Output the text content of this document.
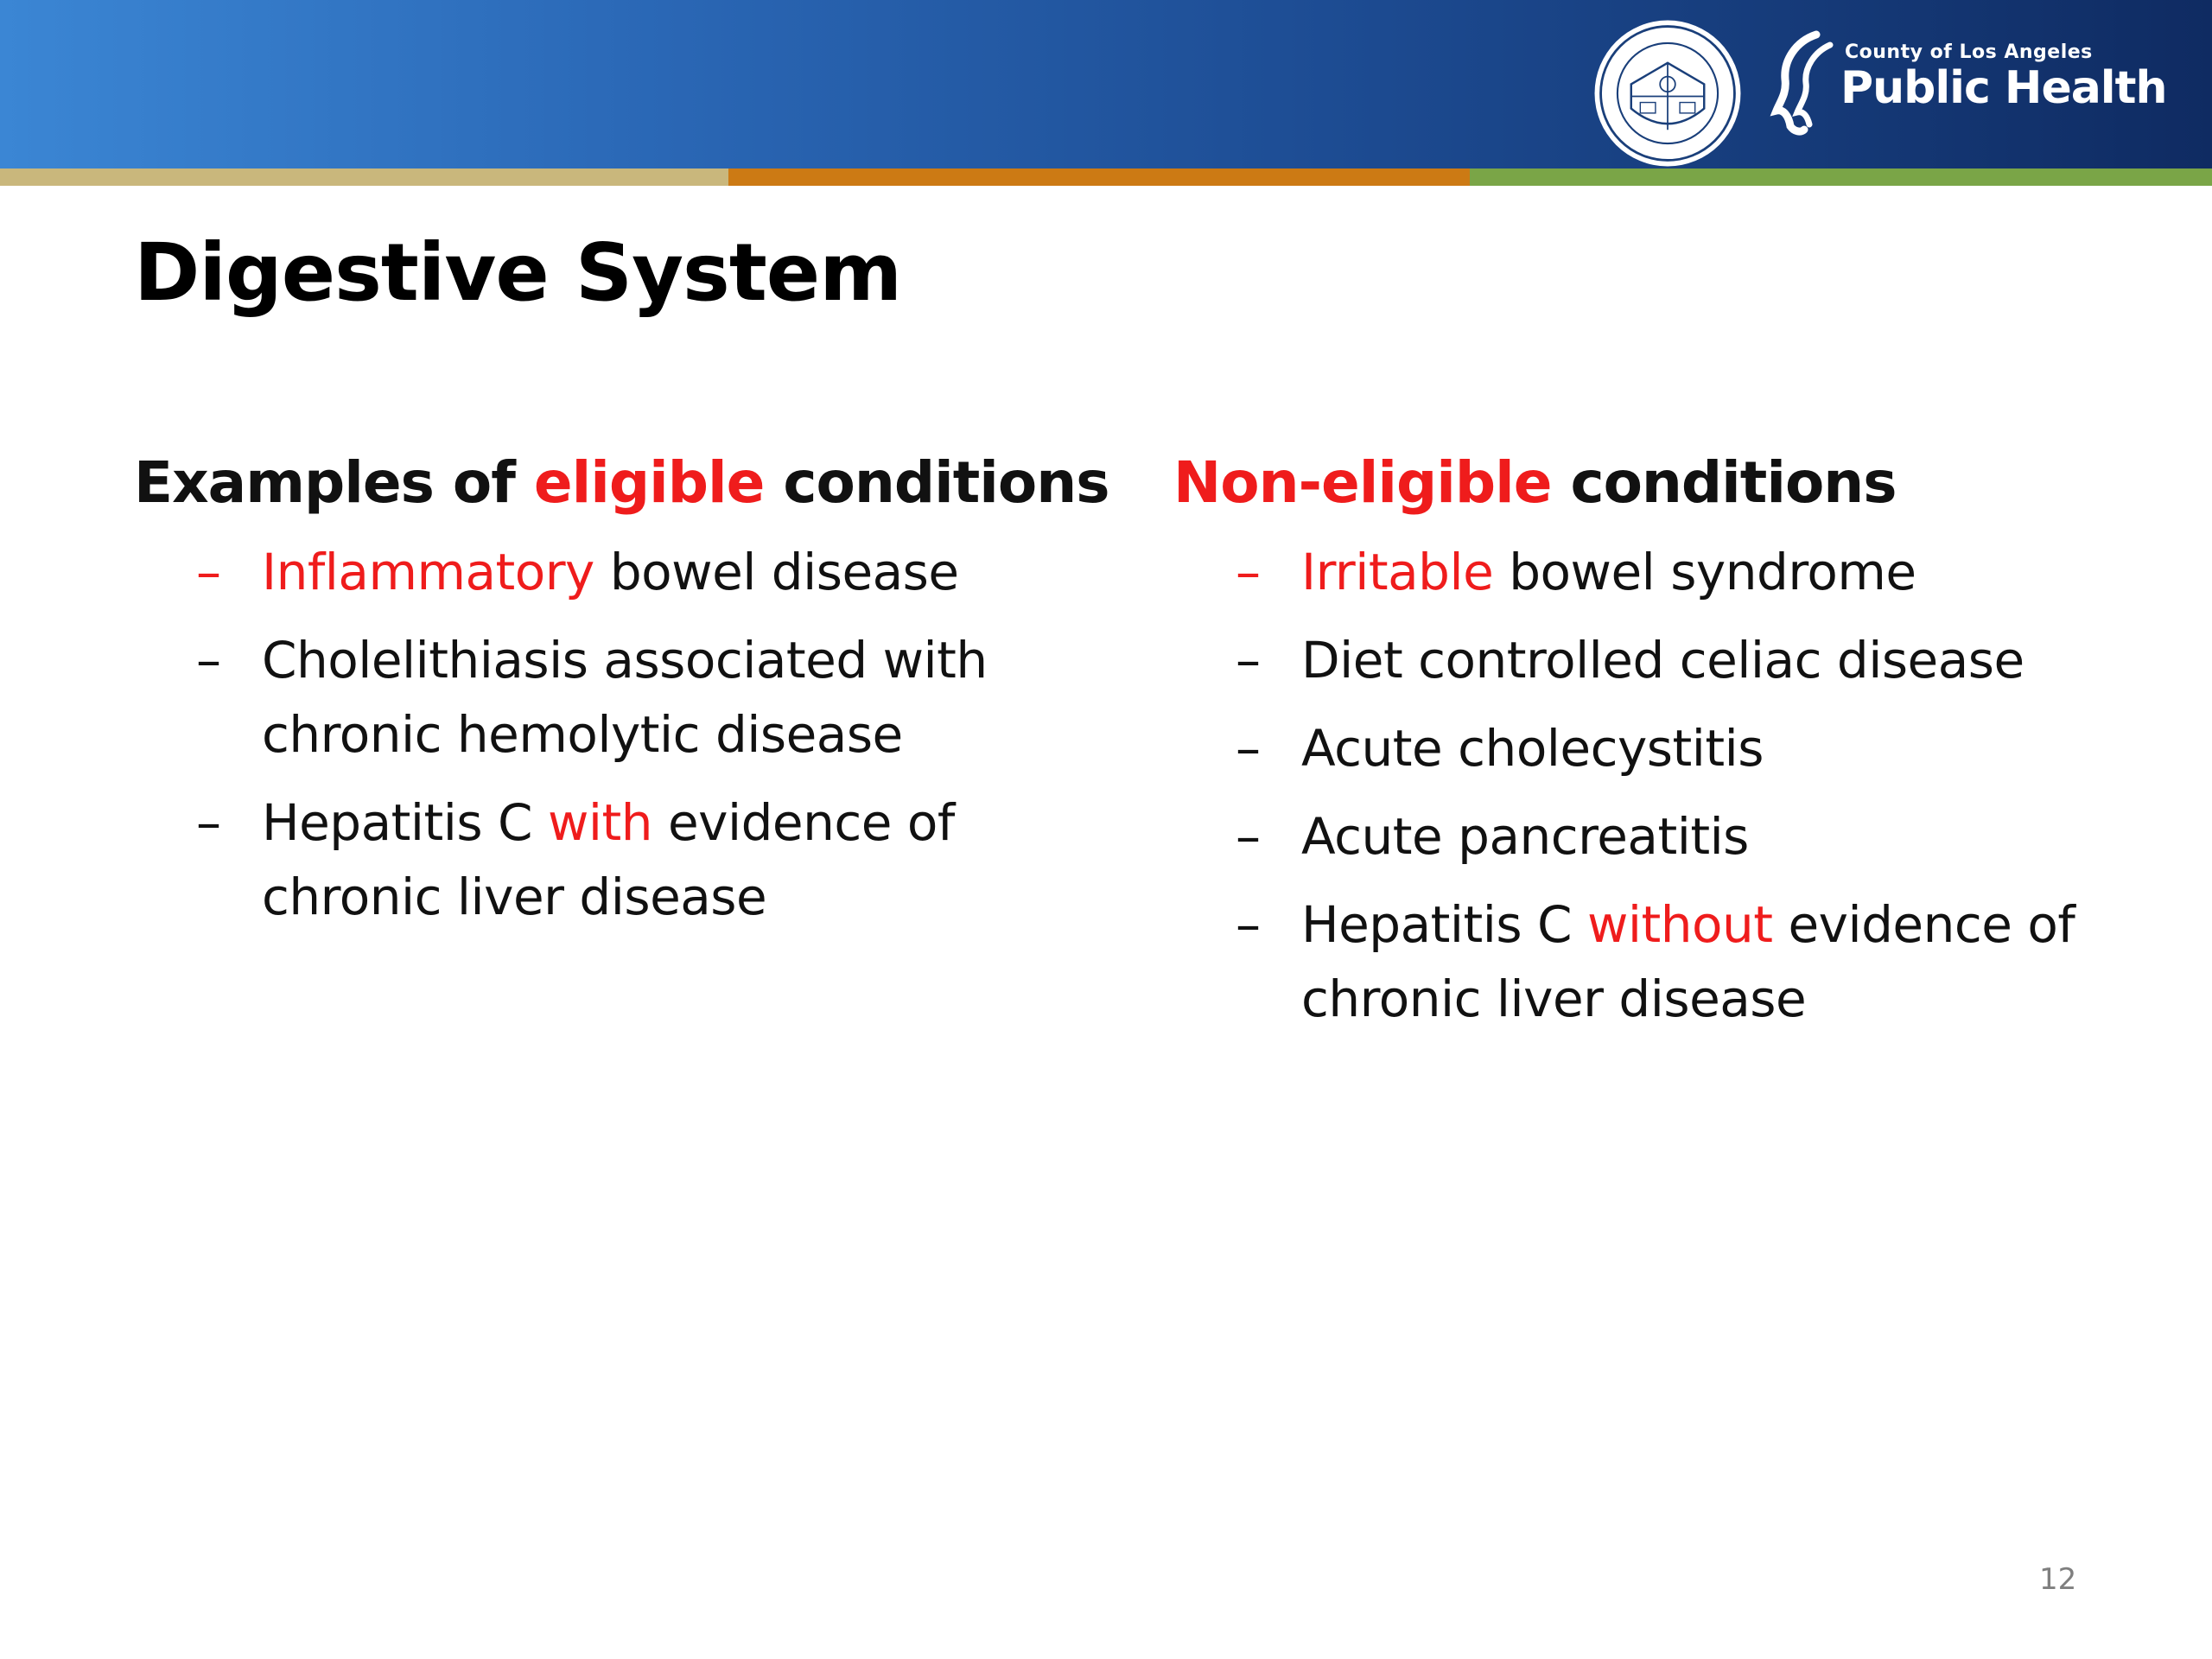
County of Los Angeles
Public Health
Digestive System
Examples of eligible conditions
– Inflammatory bowel disease
– Cholelithiasis associated with chronic hemolytic disease
– Hepatitis C with evidence of chronic liver disease
Non-eligible conditions
– Irritable bowel syndrome
– Diet controlled celiac disease
– Acute cholecystitis
– Acute pancreatitis
– Hepatitis C without evidence of chronic liver disease
12
